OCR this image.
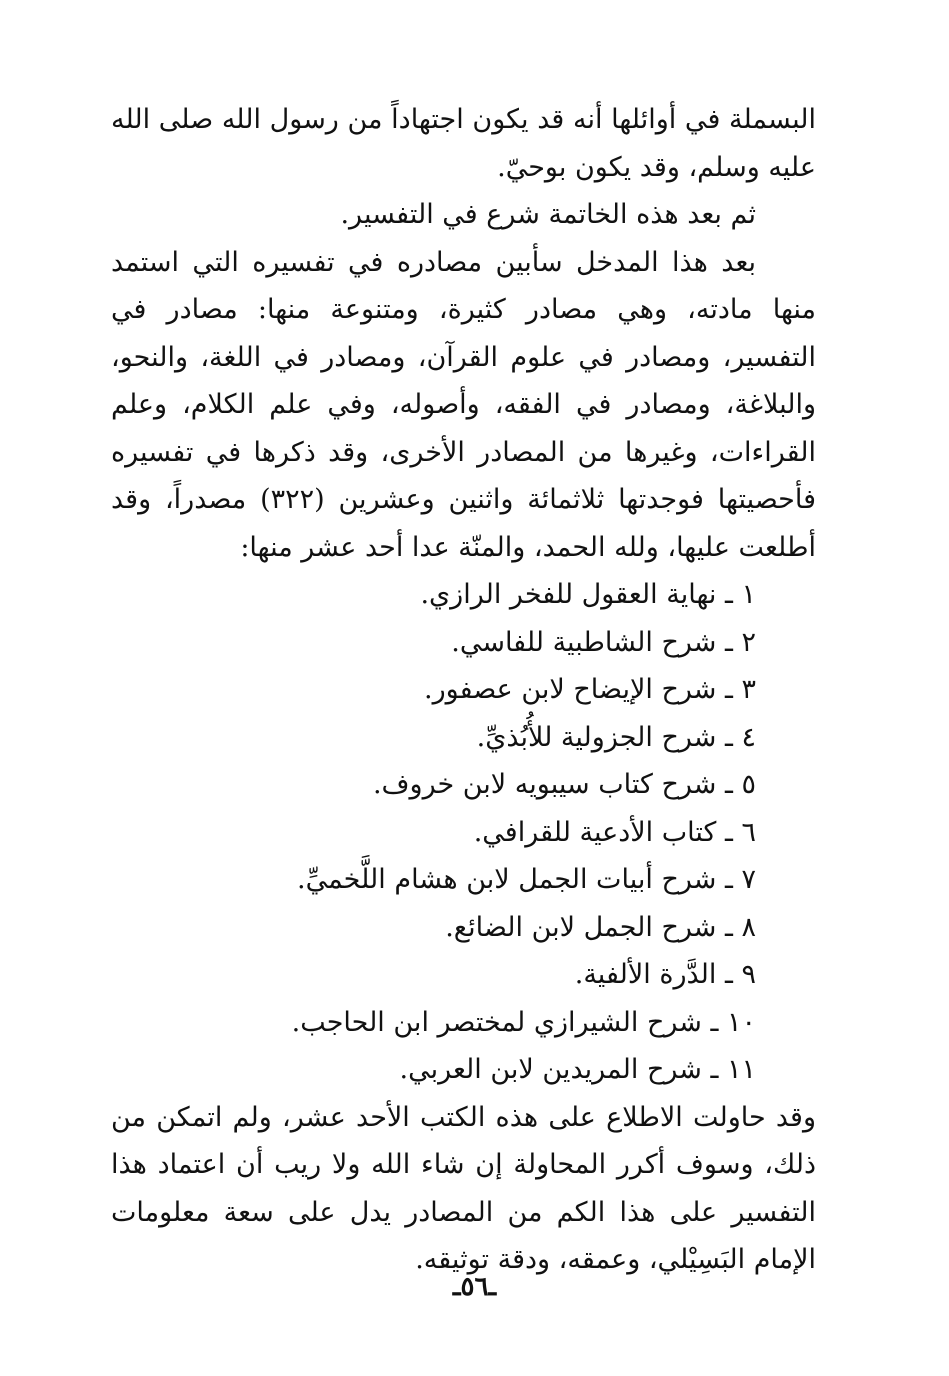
البسملة في أوائلها أنه قد يكون اجتهاداً من رسول الله صلى الله عليه وسلم، وقد يكون بوحيّ.

ثم بعد هذه الخاتمة شرع في التفسير.

بعد هذا المدخل سأبين مصادره في تفسيره التي استمد منها مادته، وهي مصادر كثيرة، ومتنوعة منها: مصادر في التفسير، ومصادر في علوم القرآن، ومصادر في اللغة، والنحو، والبلاغة، ومصادر في الفقه، وأصوله، وفي علم الكلام، وعلم القراءات، وغيرها من المصادر الأخرى، وقد ذكرها في تفسيره فأحصيتها فوجدتها ثلاثمائة واثنين وعشرين (٣٢٢) مصدراً، وقد أطلعت عليها، ولله الحمد، والمنّة عدا أحد عشر منها:

١ ـ نهاية العقول للفخر الرازي.
٢ ـ شرح الشاطبية للفاسي.
٣ ـ شرح الإيضاح لابن عصفور.
٤ ـ شرح الجزولية للأُبُذيِّ.
٥ ـ شرح كتاب سيبويه لابن خروف.
٦ ـ كتاب الأدعية للقرافي.
٧ ـ شرح أبيات الجمل لابن هشام اللَّخميِّ.
٨ ـ شرح الجمل لابن الضائع.
٩ ـ الدَّرة الألفية.
١٠ ـ شرح الشيرازي لمختصر ابن الحاجب.
١١ ـ شرح المريدين لابن العربي.

وقد حاولت الاطلاع على هذه الكتب الأحد عشر، ولم اتمكن من ذلك، وسوف أكرر المحاولة إن شاء الله ولا ريب أن اعتماد هذا التفسير على هذا الكم من المصادر يدل على سعة معلومات الإمام البَسِيْلي، وعمقه، ودقة توثيقه.

ـ٥٦ـ
